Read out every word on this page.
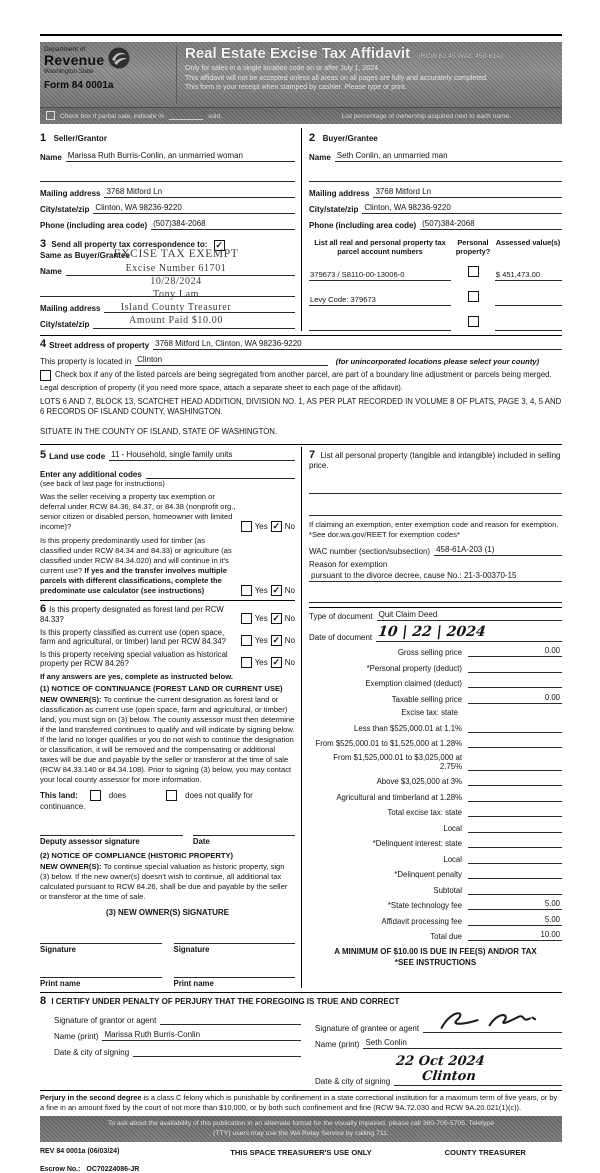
Department of
Revenue
Washington State
Form 84 0001a
Real Estate Excise Tax Affidavit (RCW 82.45 WAC 458-61A)
Only for sales in a single location code on or after July 1, 2024.
This affidavit will not be accepted unless all areas on all pages are fully and accurately completed.
This form is your receipt when stamped by cashier. Please type or print.
Check box if partial sale, indicate %	sold.	List percentage of ownership acquired next to each name.
1 Seller/Grantor
Name Marissa Ruth Burris-Conlin, an unmarried woman
Mailing address 3768 Mitford Ln
City/state/zip Clinton, WA 98236-9220
Phone (including area code) (507)384-2068
3 Send all property tax correspondence to: ✓ Same as Buyer/Grantee
Name
Mailing address
City/state/zip
EXCISE TAX EXEMPT
Excise Number 61701
10/28/2024
Tony Lam
Island County Treasurer
Amount Paid $10.00
2 Buyer/Grantee
Name Seth Conlin, an unmarried man
Mailing address 3768 Mitford Ln
City/state/zip Clinton, WA 98236-9220
Phone (including area code) (507)384-2068
List all real and personal property tax parcel account numbers
Personal property?
Assessed value(s)
379673 / S8110-00-13006-0	$ 451,473.00
Levy Code: 379673
4 Street address of property 3768 Mitford Ln, Clinton, WA 98236-9220
This property is located in Clinton	(for unincorporated locations please select your county)
Check box if any of the listed parcels are being segregated from another parcel, are part of a boundary line adjustment or parcels being merged.
Legal description of property (if you need more space, attach a separate sheet to each page of the affidavit).
LOTS 6 AND 7, BLOCK 13, SCATCHET HEAD ADDITION, DIVISION NO. 1, AS PER PLAT RECORDED IN VOLUME 8 OF PLATS, PAGE 3, 4, 5 AND 6 RECORDS OF ISLAND COUNTY, WASHINGTON.
SITUATE IN THE COUNTY OF ISLAND, STATE OF WASHINGTON.
5 Land use code 11 - Household, single family units
Enter any additional codes
(see back of last page for instructions)
Was the seller receiving a property tax exemption or deferral under RCW 84.36, 84.37, or 84.38 (nonprofit org., senior citizen or disabled person, homeowner with limited income)?	Yes ✓ No
Is this property predominantly used for timber (as classified under RCW 84.34 and 84.33) or agriculture (as classified under RCW 84.34.020) and will continue in it's current use? If yes and the transfer involves multiple parcels with different classifications, complete the predominate use calculator (see instructions)	Yes ✓ No
6 Is this property designated as forest land per RCW 84.33?	Yes ✓ No
Is this property classified as current use (open space, farm and agricultural, or timber) land per RCW 84.34?	Yes ✓ No
Is this property receiving special valuation as historical property per RCW 84.26?	Yes ✓ No
If any answers are yes, complete as instructed below.
(1) NOTICE OF CONTINUANCE (FOREST LAND OR CURRENT USE)
NEW OWNER(S): To continue the current designation as forest land or classification as current use (open space, farm and agricultural, or timber) land, you must sign on (3) below. The county assessor must then determine if the land transferred continues to qualify and will indicate by signing below. If the land no longer qualifies or you do not wish to continue the designation or classification, it will be removed and the compensating or additional taxes will be due and payable by the seller or transferor at the time of sale (RCW 84.33.140 or 84.34.108). Prior to signing (3) below, you may contact your local county assessor for more information.
This land:	does	does not qualify for
continuance.
Deputy assessor signature	Date
(2) NOTICE OF COMPLIANCE (HISTORIC PROPERTY)
NEW OWNER(S): To continue special valuation as historic property, sign (3) below. If the new owner(s) doesn't wish to continue, all additional tax calculated pursuant to RCW 84.26, shall be due and payable by the seller or transferor at the time of sale.
(3) NEW OWNER(S) SIGNATURE
Signature	Signature
Print name	Print name
7 List all personal property (tangible and intangible) included in selling price.
If claiming an exemption, enter exemption code and reason for exemption. *See dor.wa.gov/REET for exemption codes*
WAC number (section/subsection) 458-61A-203 (1)
Reason for exemption
pursuant to the divorce decree, cause No.: 21-3-00370-15
Type of document Quit Claim Deed
Date of document 10 | 22 | 2024
Gross selling price	0.00
*Personal property (deduct)
Exemption claimed (deduct)
Taxable selling price	0.00
Excise tax: state
Less than $525,000.01 at 1.1%
From $525,000.01 to $1,525,000 at 1.28%
From $1,525,000.01 to $3,025,000 at 2.75%
Above $3,025,000 at 3%
Agricultural and timberland at 1.28%
Total excise tax: state
Local
*Delinquent interest: state
Local
*Delinquent penalty
Subtotal
*State technology fee	5.00
Affidavit processing fee	5.00
Total due	10.00
A MINIMUM OF $10.00 IS DUE IN FEE(S) AND/OR TAX
*SEE INSTRUCTIONS
8 I CERTIFY UNDER PENALTY OF PERJURY THAT THE FOREGOING IS TRUE AND CORRECT
Signature of grantor or agent
Name (print) Marissa Ruth Burris-Conlin
Date & city of signing
Signature of grantee or agent
Name (print) Seth Conlin
Date & city of signing
22 Oct 2024Clinton
Perjury in the second degree is a class C felony which is punishable by confinement in a state correctional institution for a maximum term of five years, or by a fine in an amount fixed by the court of not more than $10,000, or by both such confinement and fine (RCW 9A.72.030 and RCW 9A.20.021(1)(c)).
To ask about the availability of this publication in an alternate format for the visually impaired, please call 360-705-5705. Teletype
(TTY) users may use the WA Relay Service by calling 711.
REV 84 0001a (06/03/24)	THIS SPACE TREASURER'S USE ONLY	COUNTY TREASURER
Escrow No.: OC70224086-JR
